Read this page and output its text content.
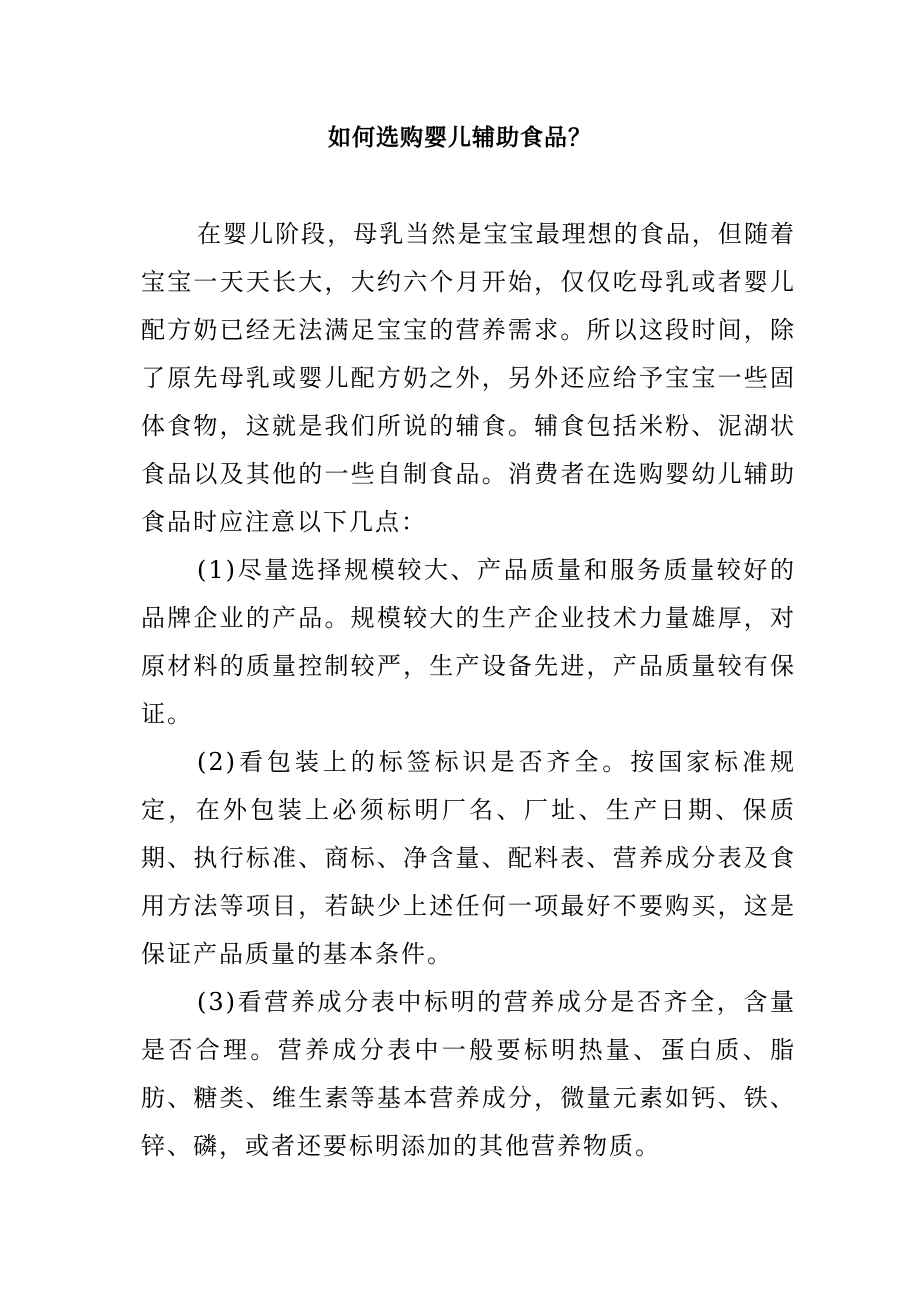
如何选购婴儿辅助食品？

在婴儿阶段，母乳当然是宝宝最理想的食品，但随着宝宝一天天长大，大约六个月开始，仅仅吃母乳或者婴儿配方奶已经无法满足宝宝的营养需求。所以这段时间，除了原先母乳或婴儿配方奶之外，另外还应给予宝宝一些固体食物，这就是我们所说的辅食。辅食包括米粉、泥湖状食品以及其他的一些自制食品。消费者在选购婴幼儿辅助食品时应注意以下几点：

(1)尽量选择规模较大、产品质量和服务质量较好的品牌企业的产品。规模较大的生产企业技术力量雄厚，对原材料的质量控制较严，生产设备先进，产品质量较有保证。

(2)看包装上的标签标识是否齐全。按国家标准规定，在外包装上必须标明厂名、厂址、生产日期、保质期、执行标准、商标、净含量、配料表、营养成分表及食用方法等项目，若缺少上述任何一项最好不要购买，这是保证产品质量的基本条件。

(3)看营养成分表中标明的营养成分是否齐全，含量是否合理。营养成分表中一般要标明热量、蛋白质、脂肪、糖类、维生素等基本营养成分，微量元素如钙、铁、锌、磷，或者还要标明添加的其他营养物质。
